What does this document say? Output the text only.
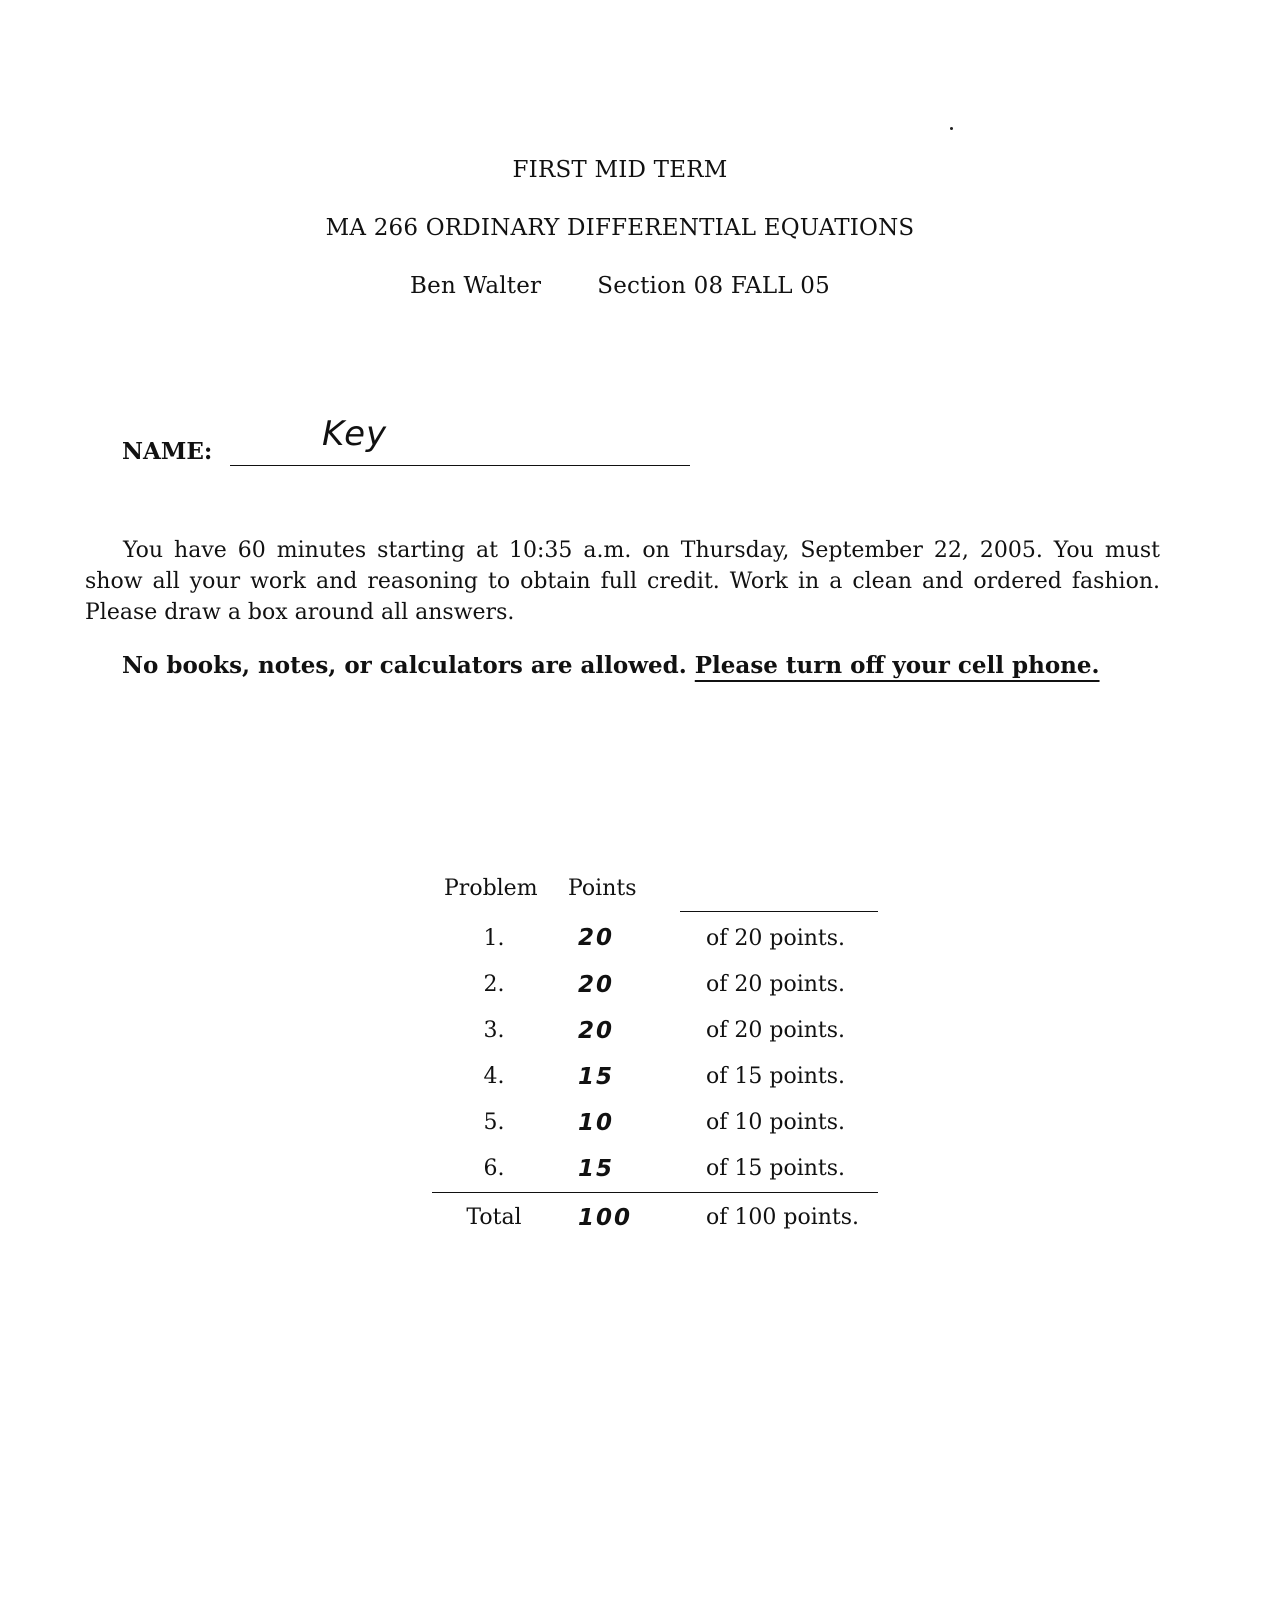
FIRST MID TERM
MA 266 ORDINARY DIFFERENTIAL EQUATIONS
Ben Walter Section 08 FALL 05
NAME:	Key
You have 60 minutes starting at 10:35 a.m. on Thursday, September 22, 2005. You must show all your work and reasoning to obtain full credit. Work in a clean and ordered fashion. Please draw a box around all answers.
No books, notes, or calculators are allowed. Please turn off your cell phone.
Problem	Points	
1.	20	of 20 points.
2.	20	of 20 points.
3.	20	of 20 points.
4.	15	of 15 points.
5.	10	of 10 points.
6.	15	of 15 points.
Total	100	of 100 points.
